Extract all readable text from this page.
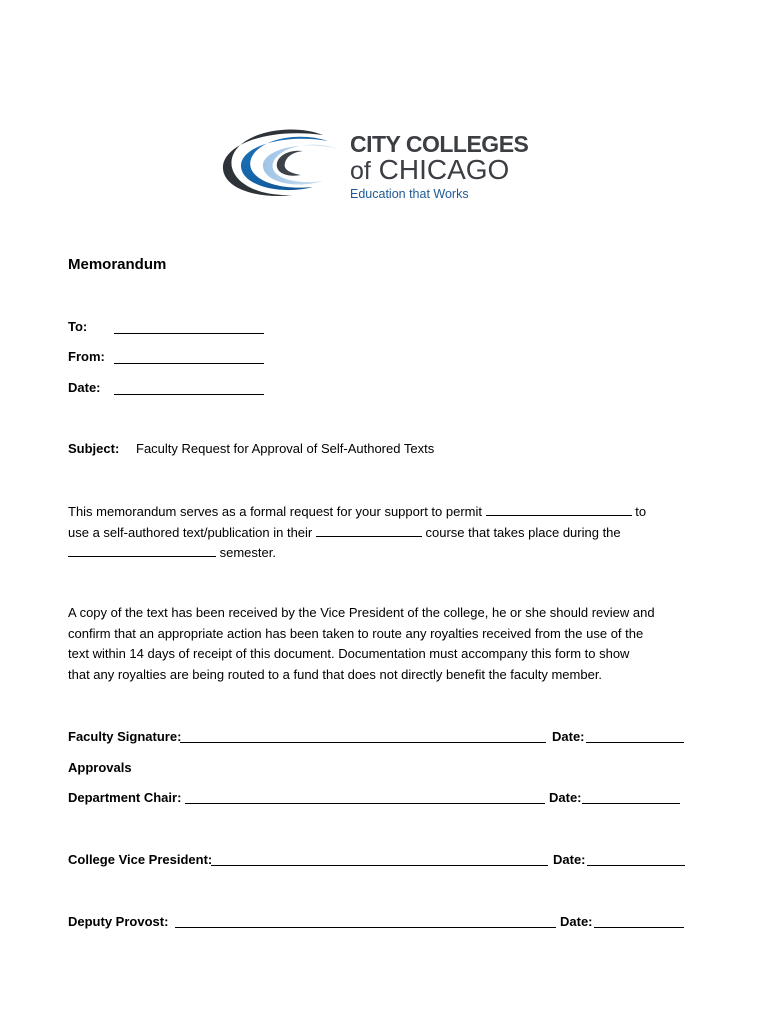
CITY COLLEGES
of CHICAGO
Education that Works
Memorandum
To:
From:
Date:
Subject: Faculty Request for Approval of Self-Authored Texts
This memorandum serves as a formal request for your support to permit	to
use a self-authored text/publication in their	course that takes place during the
semester.
A copy of the text has been received by the Vice President of the college, he or she should review and
confirm that an appropriate action has been taken to route any royalties received from the use of the
text within 14 days of receipt of this document. Documentation must accompany this form to show
that any royalties are being routed to a fund that does not directly benefit the faculty member.
Faculty Signature:	Date:
Approvals
Department Chair:	Date:
College Vice President:	Date:
Deputy Provost:	Date:
